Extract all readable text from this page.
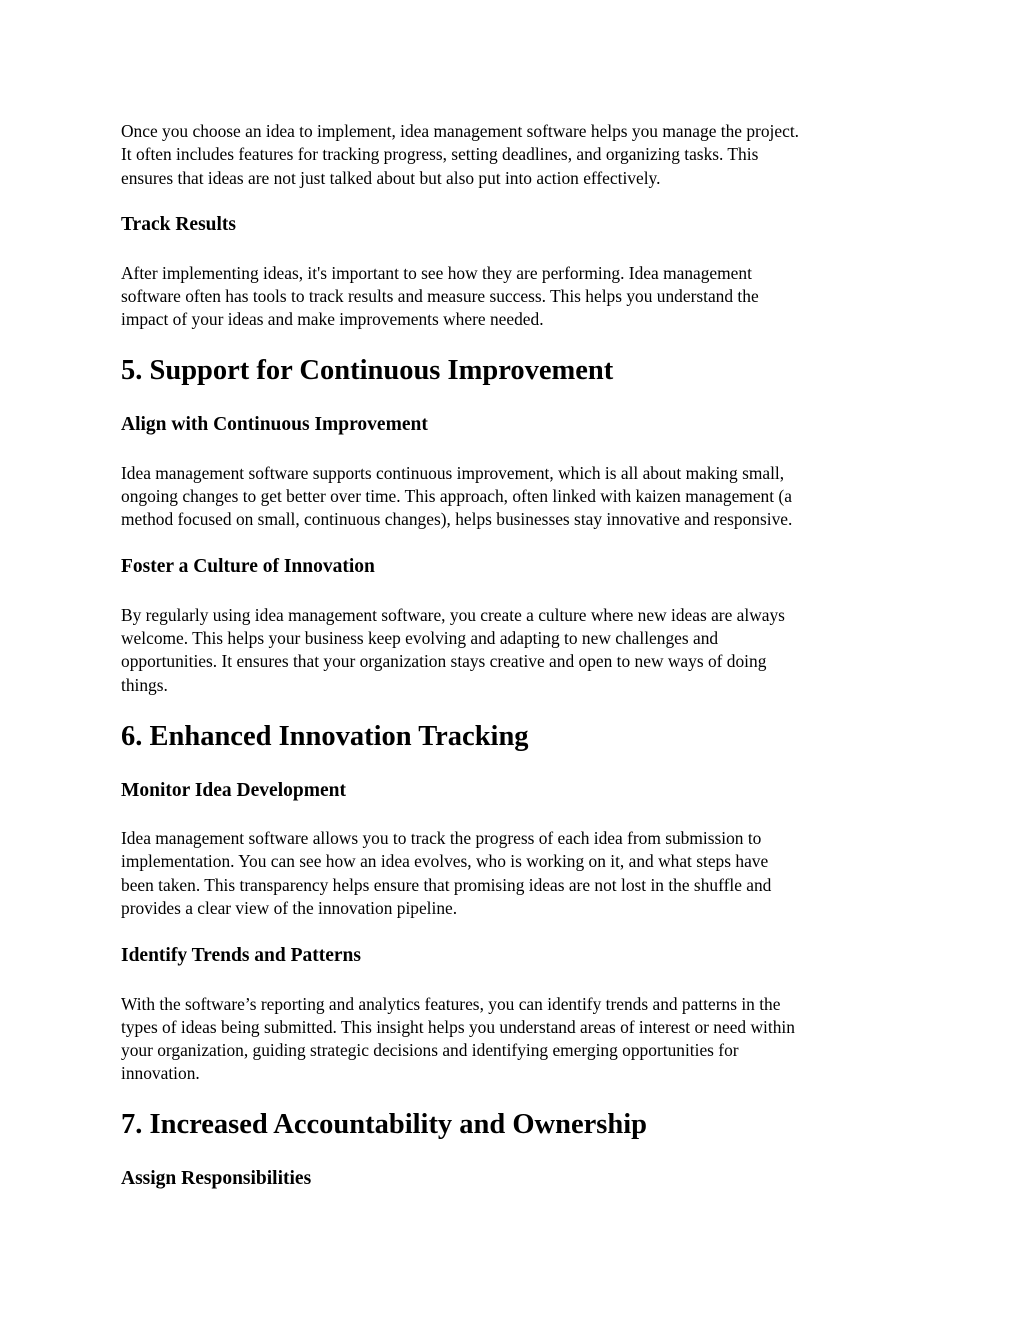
Once you choose an idea to implement, idea management software helps you manage the project.
It often includes features for tracking progress, setting deadlines, and organizing tasks. This
ensures that ideas are not just talked about but also put into action effectively.
Track Results
After implementing ideas, it's important to see how they are performing. Idea management
software often has tools to track results and measure success. This helps you understand the
impact of your ideas and make improvements where needed.
5. Support for Continuous Improvement
Align with Continuous Improvement
Idea management software supports continuous improvement, which is all about making small,
ongoing changes to get better over time. This approach, often linked with kaizen management (a
method focused on small, continuous changes), helps businesses stay innovative and responsive.
Foster a Culture of Innovation
By regularly using idea management software, you create a culture where new ideas are always
welcome. This helps your business keep evolving and adapting to new challenges and
opportunities. It ensures that your organization stays creative and open to new ways of doing
things.
6. Enhanced Innovation Tracking
Monitor Idea Development
Idea management software allows you to track the progress of each idea from submission to
implementation. You can see how an idea evolves, who is working on it, and what steps have
been taken. This transparency helps ensure that promising ideas are not lost in the shuffle and
provides a clear view of the innovation pipeline.
Identify Trends and Patterns
With the software’s reporting and analytics features, you can identify trends and patterns in the
types of ideas being submitted. This insight helps you understand areas of interest or need within
your organization, guiding strategic decisions and identifying emerging opportunities for
innovation.
7. Increased Accountability and Ownership
Assign Responsibilities
